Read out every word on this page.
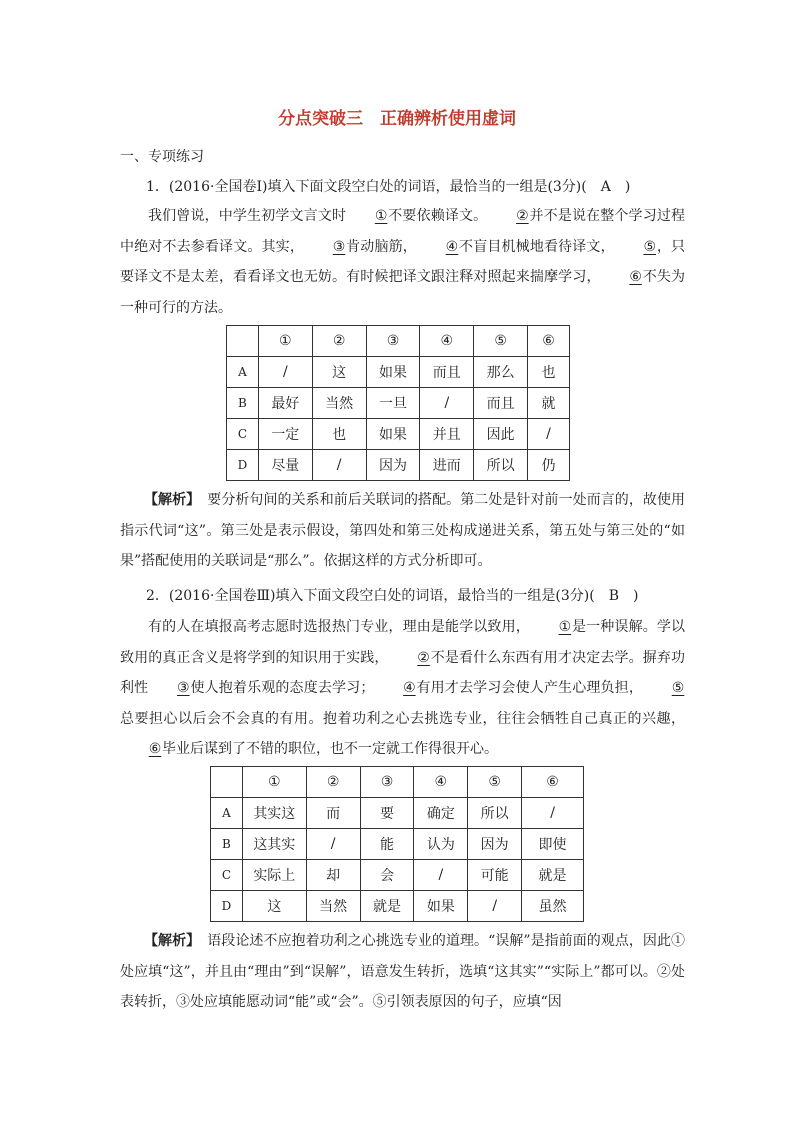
分点突破三　正确辨析使用虚词
一、专项练习
1．(2016·全国卷Ⅰ)填入下面文段空白处的词语，最恰当的一组是(3分)(　A　)
我们曾说，中学生初学文言文时 ①不要依赖译文。 ②并不是说在整个学习过程中绝对不去参看译文。其实， ③肯动脑筋， ④不盲目机械地看待译文， ⑤，只要译文不是太差，看看译文也无妨。有时候把译文跟注释对照起来揣摩学习， ⑥不失为一种可行的方法。
	①	②	③	④	⑤	⑥
A	/	这	如果	而且	那么	也
B	最好	当然	一旦	/	而且	就
C	一定	也	如果	并且	因此	/
D	尽量	/	因为	进而	所以	仍
【解析】　要分析句间的关系和前后关联词的搭配。第二处是针对前一处而言的，故使用指示代词“这”。第三处是表示假设，第四处和第三处构成递进关系，第五处与第三处的“如果”搭配使用的关联词是“那么”。依据这样的方式分析即可。
2．(2016·全国卷Ⅲ)填入下面文段空白处的词语，最恰当的一组是(3分)(　B　)
有的人在填报高考志愿时选报热门专业，理由是能学以致用， ①是一种误解。学以致用的真正含义是将学到的知识用于实践， ②不是看什么东西有用才决定去学。摒弃功利性 ③使人抱着乐观的态度去学习； ④有用才去学习会使人产生心理负担， ⑤总要担心以后会不会真的有用。抱着功利之心去挑选专业，往往会牺牲自己真正的兴趣，⑥毕业后谋到了不错的职位，也不一定就工作得很开心。
	①	②	③	④	⑤	⑥
A	其实这	而	要	确定	所以	/
B	这其实	/	能	认为	因为	即使
C	实际上	却	会	/	可能	就是
D	这	当然	就是	如果	/	虽然
【解析】　语段论述不应抱着功利之心挑选专业的道理。“误解”是指前面的观点，因此①处应填“这”，并且由“理由”到“误解”，语意发生转折，选填“这其实”“实际上”都可以。②处表转折，③处应填能愿动词“能”或“会”。⑤引领表原因的句子，应填“因
